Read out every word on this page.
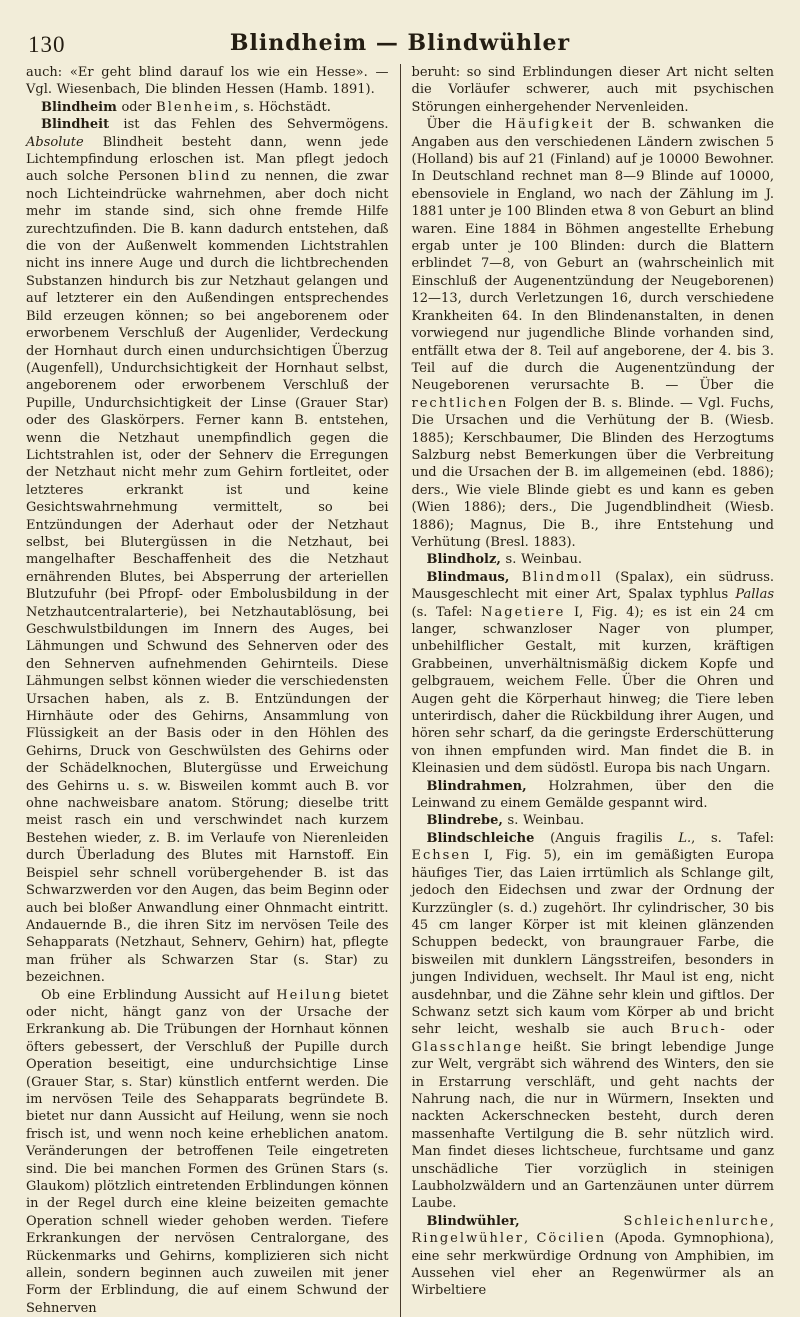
130	Blindheim — Blindwühler

auch: «Er geht blind darauf los wie ein Hesse». — Vgl. Wiesenbach, Die blinden Hessen (Hamb. 1891).

Blindheim oder Blenheim, s. Höchstädt.

Blindheit ist das Fehlen des Sehvermögens. Absolute Blindheit besteht dann, wenn jede Lichtempfindung erloschen ist. Man pflegt jedoch auch solche Personen blind zu nennen, die zwar noch Lichteindrücke wahrnehmen, aber doch nicht mehr im stande sind, sich ohne fremde Hilfe zurechtzufinden. Die B. kann dadurch entstehen, daß die von der Außenwelt kommenden Lichtstrahlen nicht ins innere Auge und durch die lichtbrechenden Substanzen hindurch bis zur Netzhaut gelangen und auf letzterer ein den Außendingen entsprechendes Bild erzeugen können; so bei angeborenem oder erworbenem Verschluß der Augenlider, Verdeckung der Hornhaut durch einen undurchsichtigen Überzug (Augenfell), Undurchsichtigkeit der Hornhaut selbst, angeborenem oder erworbenem Verschluß der Pupille, Undurchsichtigkeit der Linse (Grauer Star) oder des Glaskörpers. Ferner kann B. entstehen, wenn die Netzhaut unempfindlich gegen die Lichtstrahlen ist, oder der Sehnerv die Erregungen der Netzhaut nicht mehr zum Gehirn fortleitet, oder letzteres erkrankt ist und keine Gesichtswahrnehmung vermittelt, so bei Entzündungen der Aderhaut oder der Netzhaut selbst, bei Blutergüssen in die Netzhaut, bei mangelhafter Beschaffenheit des die Netzhaut ernährenden Blutes, bei Absperrung der arteriellen Blutzufuhr (bei Pfropf- oder Embolusbildung in der Netzhautcentralarterie), bei Netzhautablösung, bei Geschwulstbildungen im Innern des Auges, bei Lähmungen und Schwund des Sehnerven oder des den Sehnerven aufnehmenden Gehirnteils. Diese Lähmungen selbst können wieder die verschiedensten Ursachen haben, als z. B. Entzündungen der Hirnhäute oder des Gehirns, Ansammlung von Flüssigkeit an der Basis oder in den Höhlen des Gehirns, Druck von Geschwülsten des Gehirns oder der Schädelknochen, Blutergüsse und Erweichung des Gehirns u. s. w. Bisweilen kommt auch B. vor ohne nachweisbare anatom. Störung; dieselbe tritt meist rasch ein und verschwindet nach kurzem Bestehen wieder, z. B. im Verlaufe von Nierenleiden durch Überladung des Blutes mit Harnstoff. Ein Beispiel sehr schnell vorübergehender B. ist das Schwarzwerden vor den Augen, das beim Beginn oder auch bei bloßer Anwandlung einer Ohnmacht eintritt. Andauernde B., die ihren Sitz im nervösen Teile des Sehapparats (Netzhaut, Sehnerv, Gehirn) hat, pflegte man früher als Schwarzen Star (s. Star) zu bezeichnen.

Ob eine Erblindung Aussicht auf Heilung bietet oder nicht, hängt ganz von der Ursache der Erkrankung ab. Die Trübungen der Hornhaut können öfters gebessert, der Verschluß der Pupille durch Operation beseitigt, eine undurchsichtige Linse (Grauer Star, s. Star) künstlich entfernt werden. Die im nervösen Teile des Sehapparats begründete B. bietet nur dann Aussicht auf Heilung, wenn sie noch frisch ist, und wenn noch keine erheblichen anatom. Veränderungen der betroffenen Teile eingetreten sind. Die bei manchen Formen des Grünen Stars (s. Glaukom) plötzlich eintretenden Erblindungen können in der Regel durch eine kleine beizeiten gemachte Operation schnell wieder gehoben werden. Tiefere Erkrankungen der nervösen Centralorgane, des Rückenmarks und Gehirns, komplizieren sich nicht allein, sondern beginnen auch zuweilen mit jener Form der Erblindung, die auf einem Schwund der Sehnerven

beruht: so sind Erblindungen dieser Art nicht selten die Vorläufer schwerer, auch mit psychischen Störungen einhergehender Nervenleiden.

Über die Häufigkeit der B. schwanken die Angaben aus den verschiedenen Ländern zwischen 5 (Holland) bis auf 21 (Finland) auf je 10000 Bewohner. In Deutschland rechnet man 8—9 Blinde auf 10000, ebensoviele in England, wo nach der Zählung im J. 1881 unter je 100 Blinden etwa 8 von Geburt an blind waren. Eine 1884 in Böhmen angestellte Erhebung ergab unter je 100 Blinden: durch die Blattern erblindet 7—8, von Geburt an (wahrscheinlich mit Einschluß der Augenentzündung der Neugeborenen) 12—13, durch Verletzungen 16, durch verschiedene Krankheiten 64. In den Blindenanstalten, in denen vorwiegend nur jugendliche Blinde vorhanden sind, entfällt etwa der 8. Teil auf angeborene, der 4. bis 3. Teil auf die durch die Augenentzündung der Neugeborenen verursachte B. — Über die rechtlichen Folgen der B. s. Blinde. — Vgl. Fuchs, Die Ursachen und die Verhütung der B. (Wiesb. 1885); Kerschbaumer, Die Blinden des Herzogtums Salzburg nebst Bemerkungen über die Verbreitung und die Ursachen der B. im allgemeinen (ebd. 1886); ders., Wie viele Blinde giebt es und kann es geben (Wien 1886); ders., Die Jugendblindheit (Wiesb. 1886); Magnus, Die B., ihre Entstehung und Verhütung (Bresl. 1883).

Blindholz, s. Weinbau.

Blindmaus, Blindmoll (Spalax), ein südruss. Mausgeschlecht mit einer Art, Spalax typhlus Pallas (s. Tafel: Nagetiere I, Fig. 4); es ist ein 24 cm langer, schwanzloser Nager von plumper, unbehilflicher Gestalt, mit kurzen, kräftigen Grabbeinen, unverhältnismäßig dickem Kopfe und gelbgrauem, weichem Felle. Über die Ohren und Augen geht die Körperhaut hinweg; die Tiere leben unterirdisch, daher die Rückbildung ihrer Augen, und hören sehr scharf, da die geringste Erderschütterung von ihnen empfunden wird. Man findet die B. in Kleinasien und dem südöstl. Europa bis nach Ungarn.

Blindrahmen, Holzrahmen, über den die Leinwand zu einem Gemälde gespannt wird.

Blindrebe, s. Weinbau.

Blindschleiche (Anguis fragilis L., s. Tafel: Echsen I, Fig. 5), ein im gemäßigten Europa häufiges Tier, das Laien irrtümlich als Schlange gilt, jedoch den Eidechsen und zwar der Ordnung der Kurzzüngler (s. d.) zugehört. Ihr cylindrischer, 30 bis 45 cm langer Körper ist mit kleinen glänzenden Schuppen bedeckt, von braungrauer Farbe, die bisweilen mit dunklern Längsstreifen, besonders in jungen Individuen, wechselt. Ihr Maul ist eng, nicht ausdehnbar, und die Zähne sehr klein und giftlos. Der Schwanz setzt sich kaum vom Körper ab und bricht sehr leicht, weshalb sie auch Bruch- oder Glasschlange heißt. Sie bringt lebendige Junge zur Welt, vergräbt sich während des Winters, den sie in Erstarrung verschläft, und geht nachts der Nahrung nach, die nur in Würmern, Insekten und nackten Ackerschnecken besteht, durch deren massenhafte Vertilgung die B. sehr nützlich wird. Man findet dieses lichtscheue, furchtsame und ganz unschädliche Tier vorzüglich in steinigen Laubholzwäldern und an Gartenzäunen unter dürrem Laube.

Blindwühler,	Schleichenlurche, Ringelwühler, Cöcilien (Apoda. Gymnophiona), eine sehr merkwürdige Ordnung von Amphibien, im Aussehen viel eher an Regenwürmer als an Wirbeltiere
